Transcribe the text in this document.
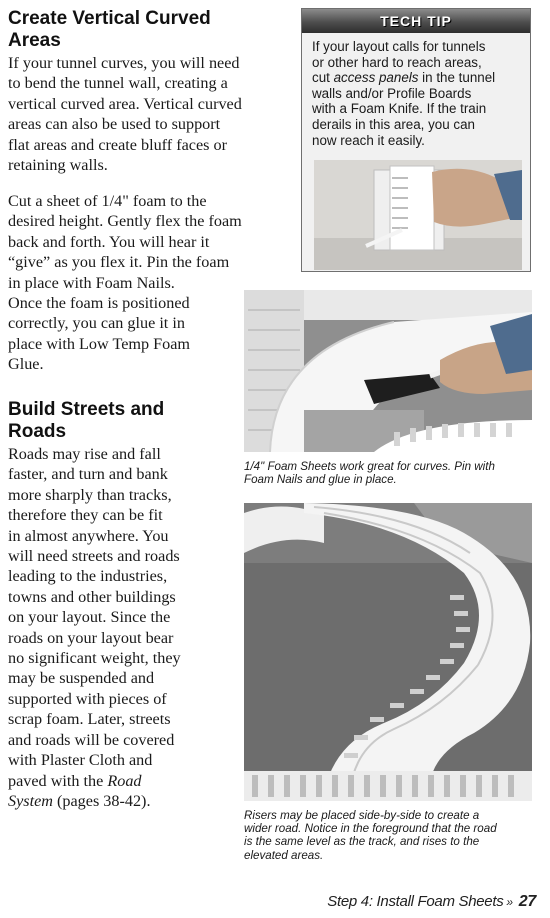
Create Vertical Curved
Areas
If your tunnel curves, you will need
to bend the tunnel wall, creating a
vertical curved area. Vertical curved
areas can also be used to support
flat areas and create bluff faces or
retaining walls.
Cut a sheet of 1/4" foam to the
desired height. Gently flex the foam
back and forth. You will hear it
“give” as you flex it. Pin the foam
in place with Foam Nails.
Once the foam is positioned
correctly, you can glue it in
place with Low Temp Foam
Glue.
Build Streets and
Roads
Roads may rise and fall
faster, and turn and bank
more sharply than tracks,
therefore they can be fit
in almost anywhere. You
will need streets and roads
leading to the industries,
towns and other buildings
on your layout. Since the
roads on your layout bear
no significant weight, they
may be suspended and
supported with pieces of
scrap foam. Later, streets
and roads will be covered
with Plaster Cloth and
paved with the Road
System (pages 38-42).
TECH TIP
If your layout calls for tunnels
or other hard to reach areas,
cut access panels in the tunnel
walls and/or Profile Boards
with a Foam Knife. If the train
derails in this area, you can
now reach it easily.
1/4" Foam Sheets work great for curves. Pin with
Foam Nails and glue in place.
Risers may be placed side-by-side to create a
wider road. Notice in the foreground that the road
is the same level as the track, and rises to the
elevated areas.
Step 4: Install Foam Sheets » 27
